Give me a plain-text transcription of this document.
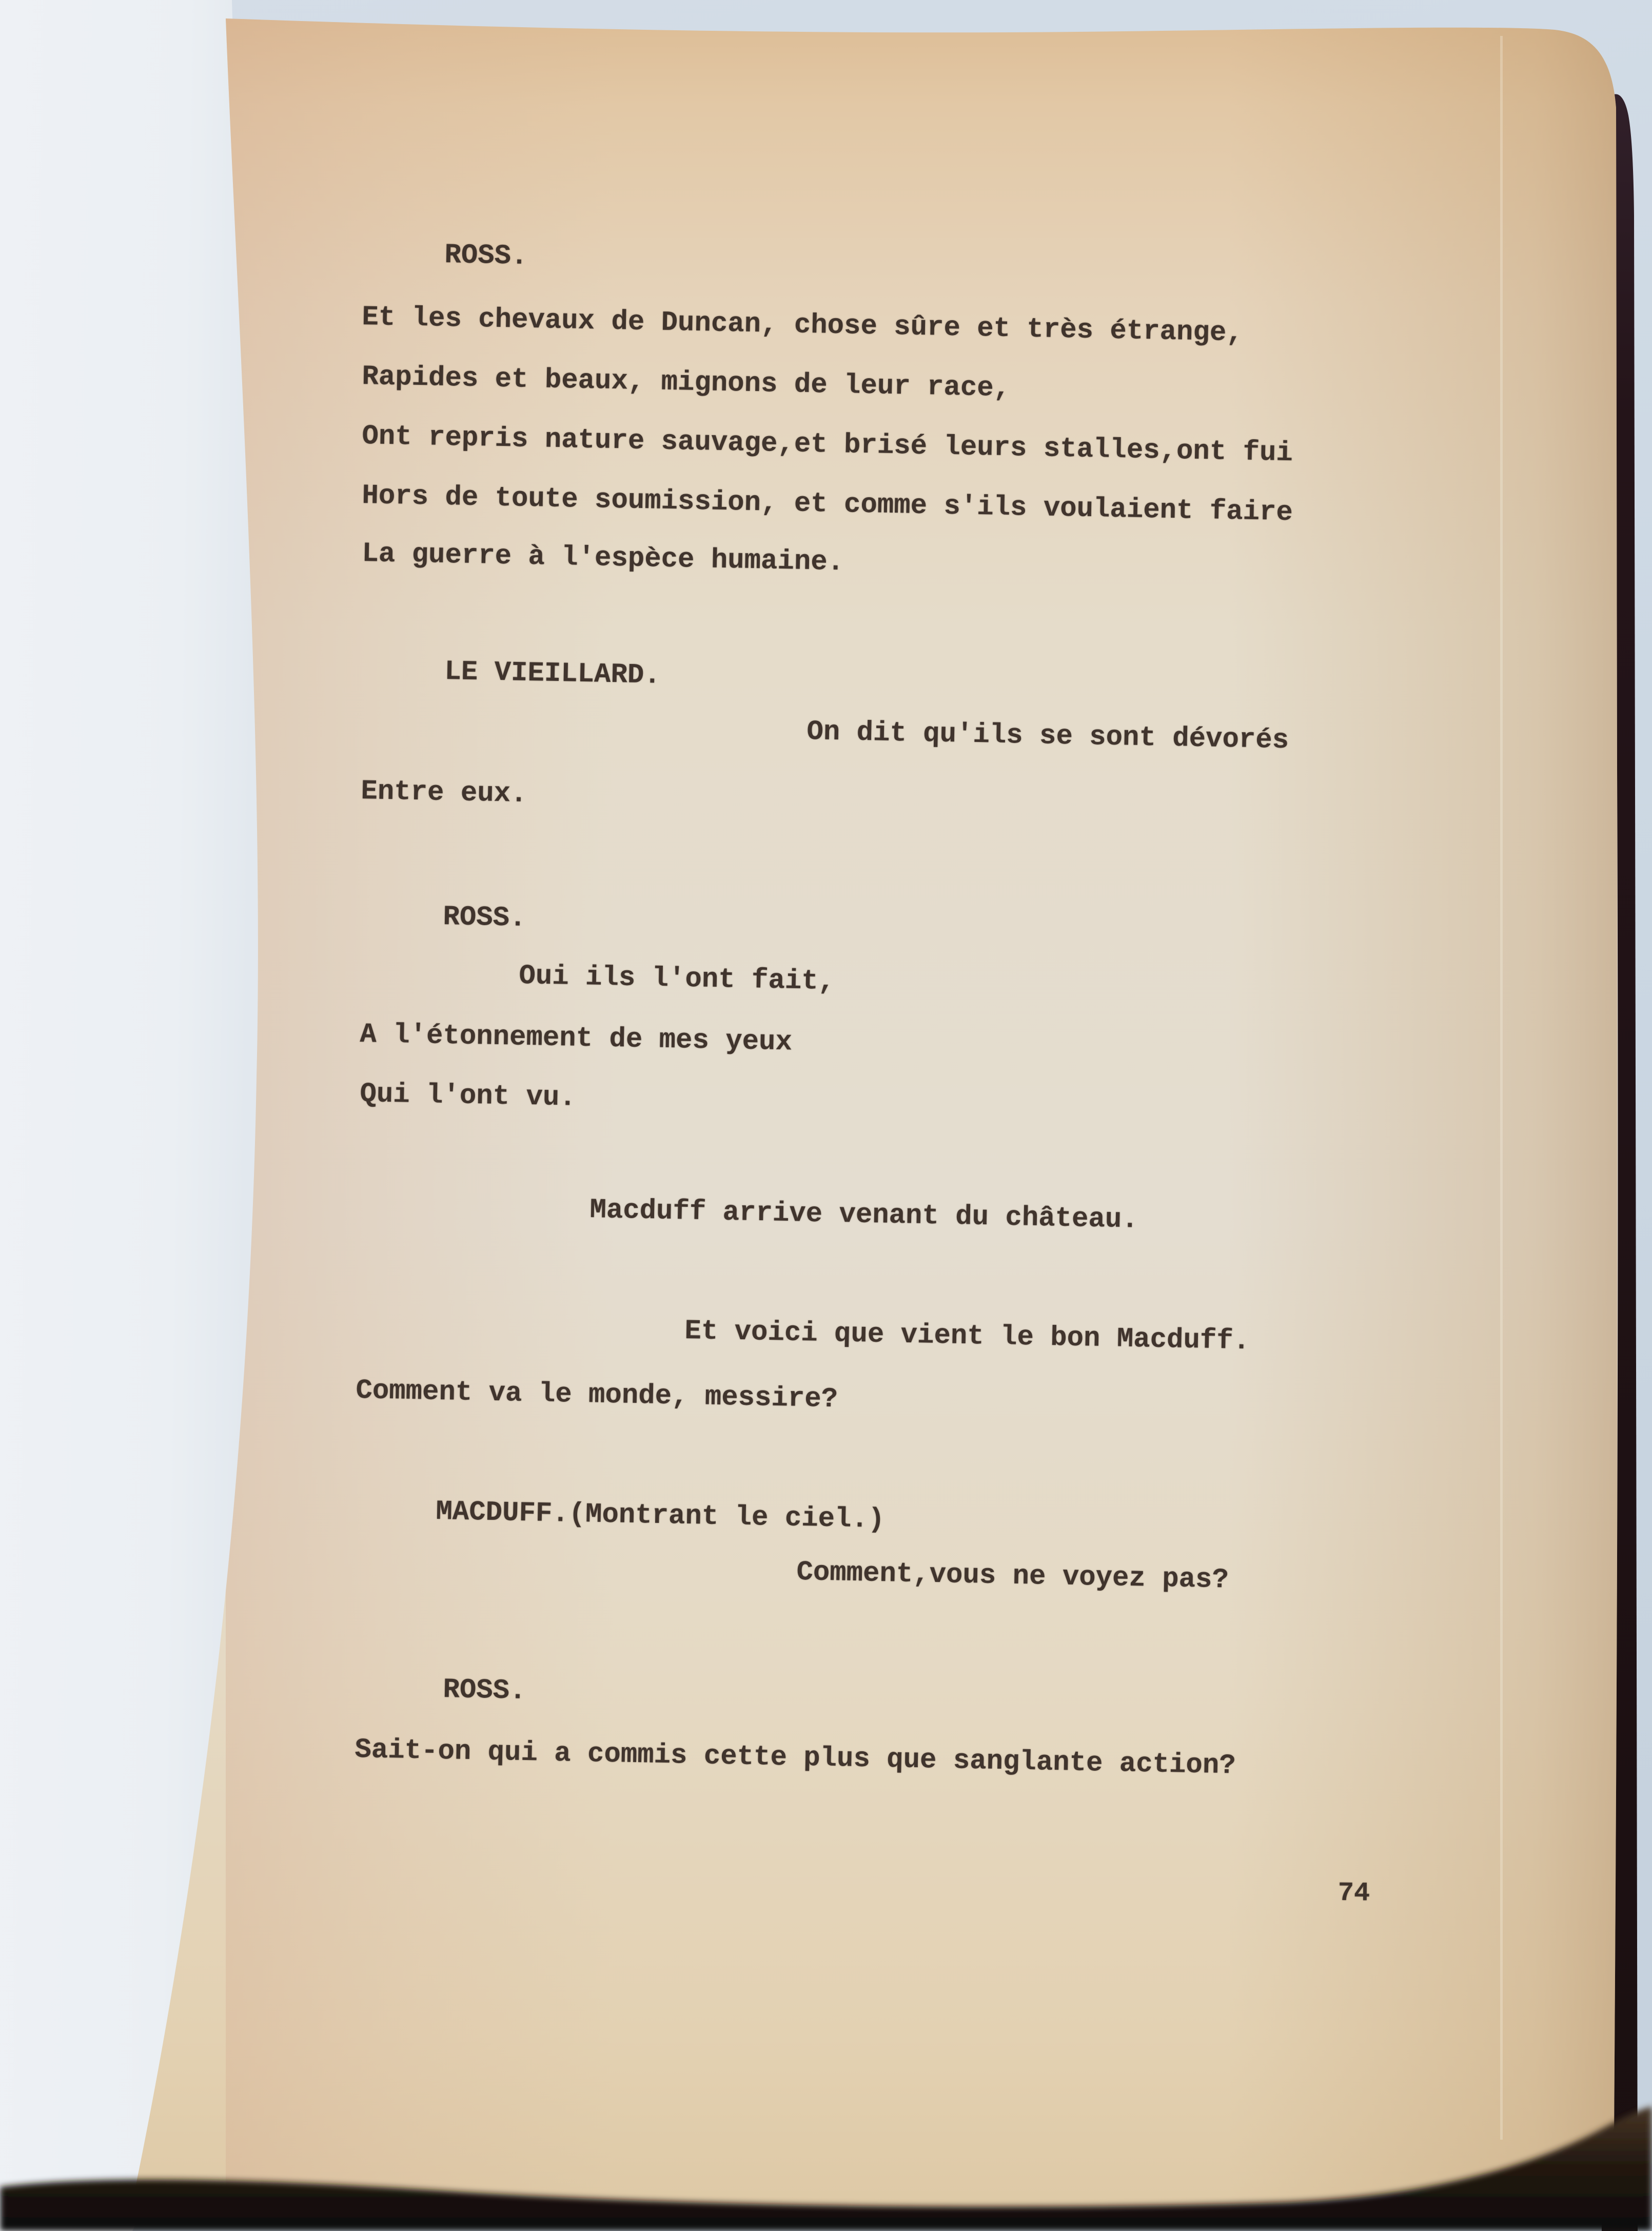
ROSS.
Et les chevaux de Duncan, chose sûre et très étrange,
Rapides et beaux, mignons de leur race,
Ont repris nature sauvage,et brisé leurs stalles,ont fui
Hors de toute soumission, et comme s'ils voulaient faire
La guerre à l'espèce humaine.
LE VIEILLARD.
On dit qu'ils se sont dévorés
Entre eux.
ROSS.
Oui ils l'ont fait,
A l'étonnement de mes yeux
Qui l'ont vu.
Macduff arrive venant du château.
Et voici que vient le bon Macduff.
Comment va le monde, messire?
MACDUFF.(Montrant le ciel.)
Comment,vous ne voyez pas?
ROSS.
Sait-on qui a commis cette plus que sanglante action?
74
